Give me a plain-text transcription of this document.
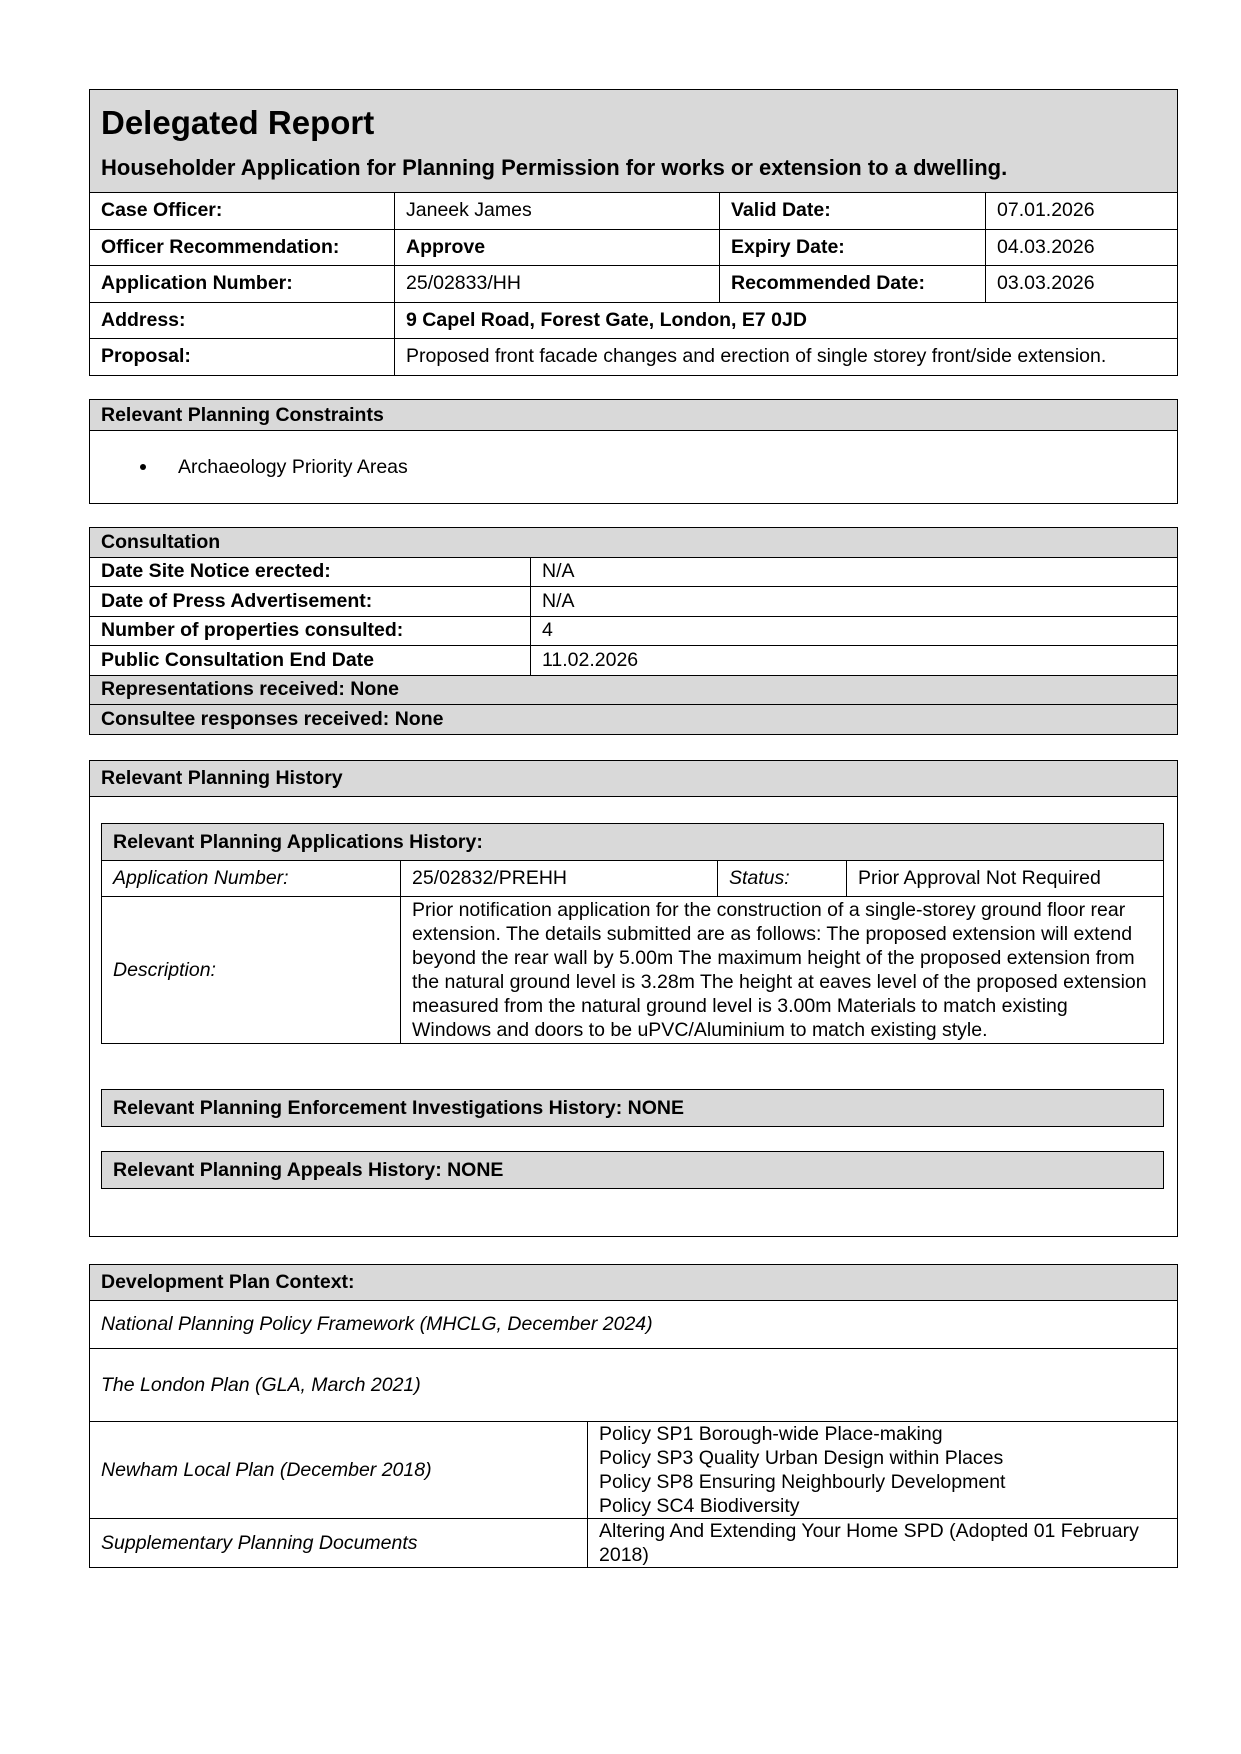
Delegated Report
Householder Application for Planning Permission for works or extension to a dwelling.			

Case Officer:	Janeek James	Valid Date:	07.01.2026
Officer Recommendation:	Approve	Expiry Date:	04.03.2026
Application Number:	25/02833/HH	Recommended Date:	03.03.2026
Address:	9 Capel Road, Forest Gate, London, E7 0JD		
Proposal:	Proposed front facade changes and erection of single storey front/side extension.		
Relevant Planning Constraints

Archaeology Priority Areas
Consultation	
Date Site Notice erected:	N/A
Date of Press Advertisement:	N/A
Number of properties consulted:	4
Public Consultation End Date	11.02.2026
Representations received: None	
Consultee responses received: None	
Relevant Planning History
Relevant Planning Applications History:			
Application Number:	25/02832/PREHH	Status:	Prior Approval Not Required
Description:	Prior notification application for the construction of a single-storey ground floor rear extension. The details submitted are as follows: The proposed extension will extend beyond the rear wall by 5.00m The maximum height of the proposed extension from the natural ground level is 3.28m The height at eaves level of the proposed extension measured from the natural ground level is 3.00m Materials to match existing Windows and doors to be uPVC/Aluminium to match existing style.		
Relevant Planning Enforcement Investigations History: NONE
Relevant Planning Appeals History: NONE
Development Plan Context:	
National Planning Policy Framework (MHCLG, December 2024)	
The London Plan (GLA, March 2021)	
Newham Local Plan (December 2018)	Policy SP1 Borough-wide Place-making
Policy SP3 Quality Urban Design within Places
Policy SP8 Ensuring Neighbourly Development
Policy SC4 Biodiversity

Supplementary Planning Documents	Altering And Extending Your Home SPD (Adopted 01 February 2018)
